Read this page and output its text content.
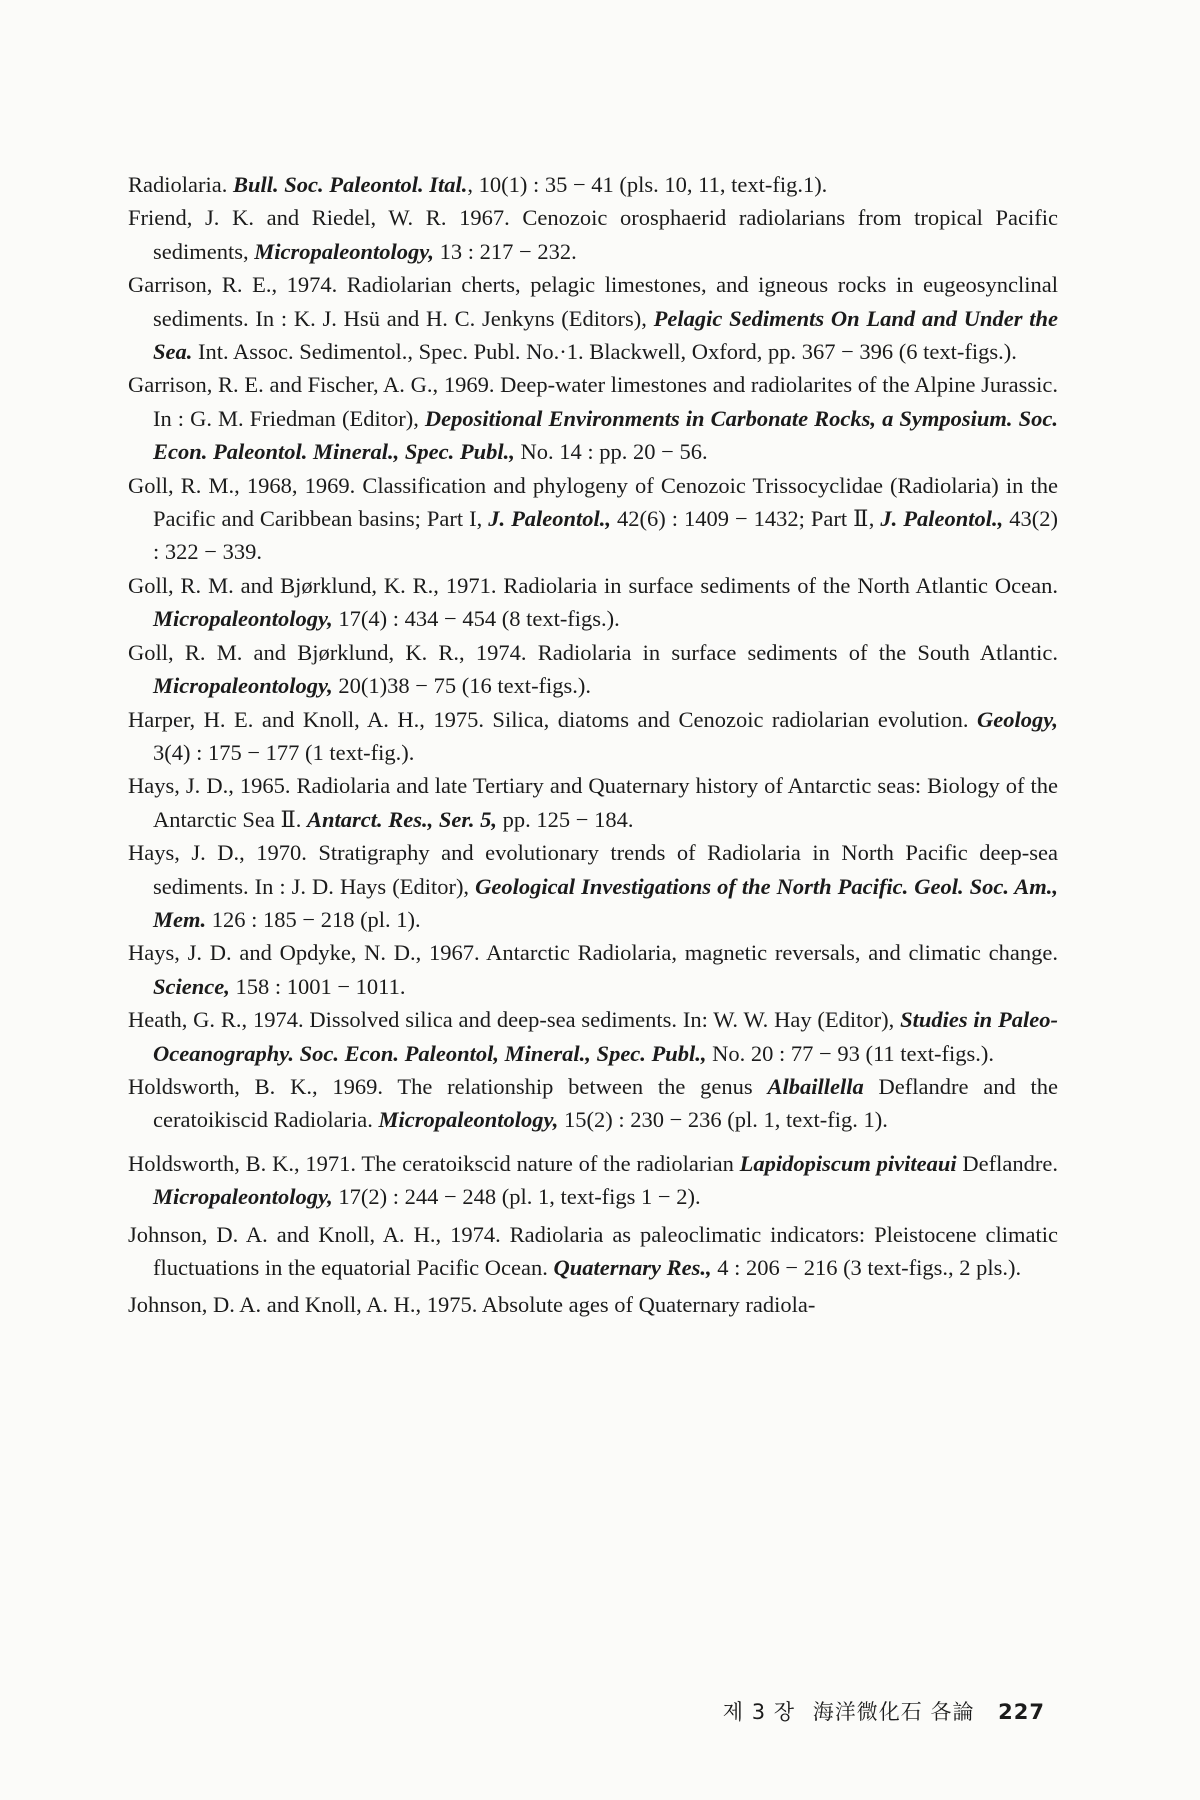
Radiolaria. Bull. Soc. Paleontol. Ital., 10(1) : 35 − 41 (pls. 10, 11, text-fig.1).

Friend, J. K. and Riedel, W. R. 1967. Cenozoic orosphaerid radiolarians from tropical Pacific sediments, Micropaleontology, 13 : 217 − 232.

Garrison, R. E., 1974. Radiolarian cherts, pelagic limestones, and igneous rocks in eugeosynclinal sediments. In : K. J. Hsü and H. C. Jenkyns (Editors), Pelagic Sediments On Land and Under the Sea. Int. Assoc. Sedimentol., Spec. Publ. No.·1. Blackwell, Oxford, pp. 367 − 396 (6 text-figs.).

Garrison, R. E. and Fischer, A. G., 1969. Deep-water limestones and radiolarites of the Alpine Jurassic. In : G. M. Friedman (Editor), Depositional Environments in Carbonate Rocks, a Symposium. Soc. Econ. Paleontol. Mineral., Spec. Publ., No. 14 : pp. 20 − 56.

Goll, R. M., 1968, 1969. Classification and phylogeny of Cenozoic Trissocyclidae (Radiolaria) in the Pacific and Caribbean basins; Part I, J. Paleontol., 42(6) : 1409 − 1432; Part Ⅱ, J. Paleontol., 43(2) : 322 − 339.

Goll, R. M. and Bjørklund, K. R., 1971. Radiolaria in surface sediments of the North Atlantic Ocean. Micropaleontology, 17(4) : 434 − 454 (8 text-figs.).

Goll, R. M. and Bjørklund, K. R., 1974. Radiolaria in surface sediments of the South Atlantic. Micropaleontology, 20(1)38 − 75 (16 text-figs.).

Harper, H. E. and Knoll, A. H., 1975. Silica, diatoms and Cenozoic radiolarian evolution. Geology, 3(4) : 175 − 177 (1 text-fig.).

Hays, J. D., 1965. Radiolaria and late Tertiary and Quaternary history of Antarctic seas: Biology of the Antarctic Sea Ⅱ. Antarct. Res., Ser. 5, pp. 125 − 184.

Hays, J. D., 1970. Stratigraphy and evolutionary trends of Radiolaria in North Pacific deep-sea sediments. In : J. D. Hays (Editor), Geological Investigations of the North Pacific. Geol. Soc. Am., Mem. 126 : 185 − 218 (pl. 1).

Hays, J. D. and Opdyke, N. D., 1967. Antarctic Radiolaria, magnetic reversals, and climatic change. Science, 158 : 1001 − 1011.

Heath, G. R., 1974. Dissolved silica and deep-sea sediments. In: W. W. Hay (Editor), Studies in Paleo-Oceanography. Soc. Econ. Paleontol, Mineral., Spec. Publ., No. 20 : 77 − 93 (11 text-figs.).

Holdsworth, B. K., 1969. The relationship between the genus Albaillella Deflandre and the ceratoikiscid Radiolaria. Micropaleontology, 15(2) : 230 − 236 (pl. 1, text-fig. 1).

Holdsworth, B. K., 1971. The ceratoikscid nature of the radiolarian Lapidopiscum piviteaui Deflandre. Micropaleontology, 17(2) : 244 − 248 (pl. 1, text-figs 1 − 2).

Johnson, D. A. and Knoll, A. H., 1974. Radiolaria as paleoclimatic indicators: Pleistocene climatic fluctuations in the equatorial Pacific Ocean. Quaternary Res., 4 : 206 − 216 (3 text-figs., 2 pls.).

Johnson, D. A. and Knoll, A. H., 1975. Absolute ages of Quaternary radiola-

제 3 장 海洋微化石 各論 227
